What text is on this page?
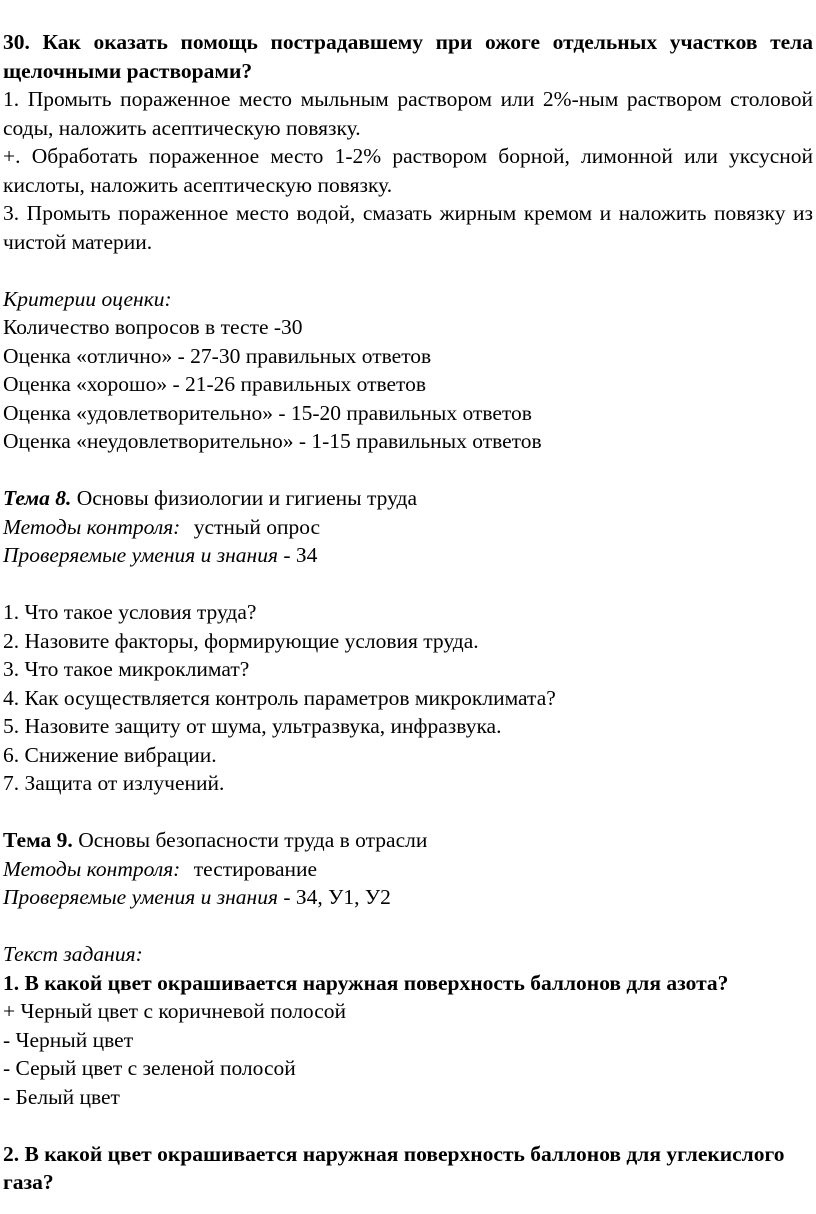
30. Как оказать помощь пострадавшему при ожоге отдельных участков тела щелочными растворами?

1. Промыть пораженное место мыльным раствором или 2%-ным раствором столовой соды, наложить асептическую повязку.

+. Обработать пораженное место 1-2% раствором борной, лимонной или уксусной кислоты, наложить асептическую повязку.

3. Промыть пораженное место водой, смазать жирным кремом и наложить повязку из чистой материи.

Критерии оценки:

Количество вопросов в тесте -30

Оценка «отлично» - 27-30 правильных ответов

Оценка «хорошо» - 21-26 правильных ответов

Оценка «удовлетворительно» - 15-20 правильных ответов

Оценка «неудовлетворительно» - 1-15 правильных ответов

Тема 8. Основы физиологии и гигиены труда

Методы контроля: устный опрос

Проверяемые умения и знания - З4

1. Что такое условия труда?

2. Назовите факторы, формирующие условия труда.

3. Что такое микроклимат?

4. Как осуществляется контроль параметров микроклимата?

5. Назовите защиту от шума, ультразвука, инфразвука.

6. Снижение вибрации.

7. Защита от излучений.

Тема 9. Основы безопасности труда в отрасли

Методы контроля: тестирование

Проверяемые умения и знания - З4, У1, У2

Текст задания:

1. В какой цвет окрашивается наружная поверхность баллонов для азота?

+ Черный цвет с коричневой полосой

- Черный цвет

- Серый цвет с зеленой полосой

- Белый цвет

2. В какой цвет окрашивается наружная поверхность баллонов для углекислого газа?
